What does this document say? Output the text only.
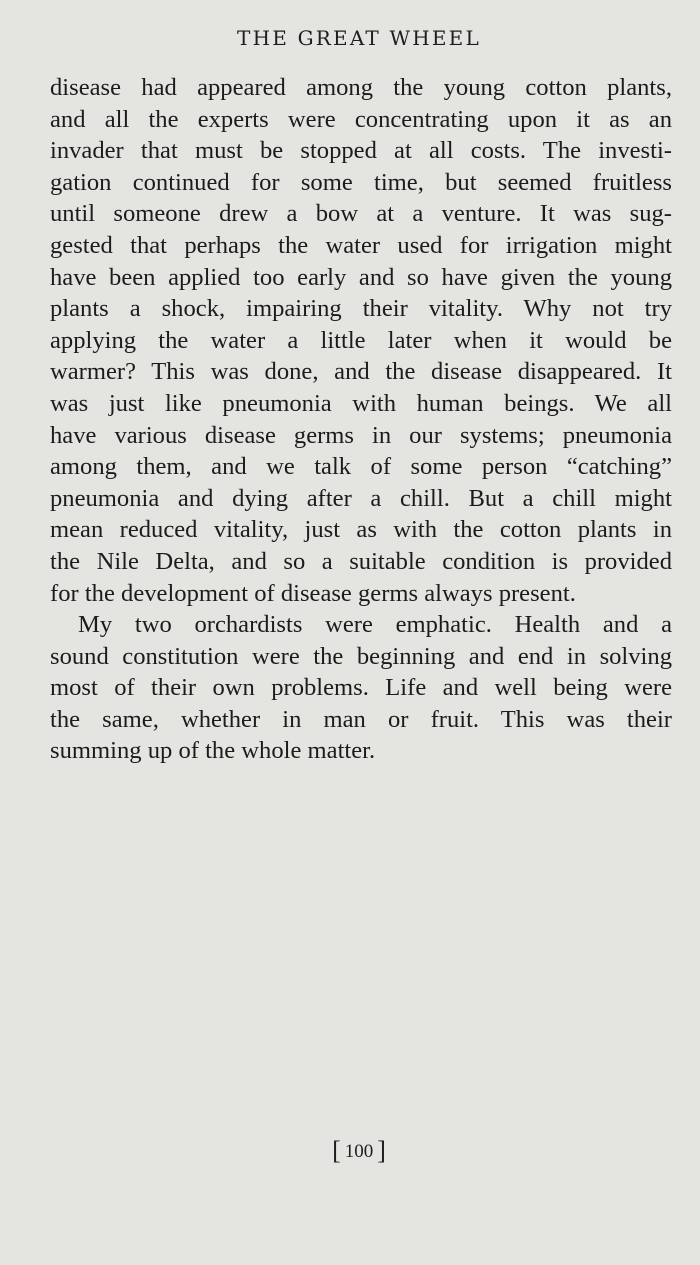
THE GREAT WHEEL
disease had appeared among the young cotton plants,
and all the experts were concentrating upon it as an
invader that must be stopped at all costs. The investi-
gation continued for some time, but seemed fruitless
until someone drew a bow at a venture. It was sug-
gested that perhaps the water used for irrigation might
have been applied too early and so have given the young
plants a shock, impairing their vitality. Why not try
applying the water a little later when it would be
warmer? This was done, and the disease disappeared. It
was just like pneumonia with human beings. We all
have various disease germs in our systems; pneumonia
among them, and we talk of some person “catching”
pneumonia and dying after a chill. But a chill might
mean reduced vitality, just as with the cotton plants in
the Nile Delta, and so a suitable condition is provided
for the development of disease germs always present.
My two orchardists were emphatic. Health and a
sound constitution were the beginning and end in solving
most of their own problems. Life and well being were
the same, whether in man or fruit. This was their
summing up of the whole matter.
[ 100 ]
